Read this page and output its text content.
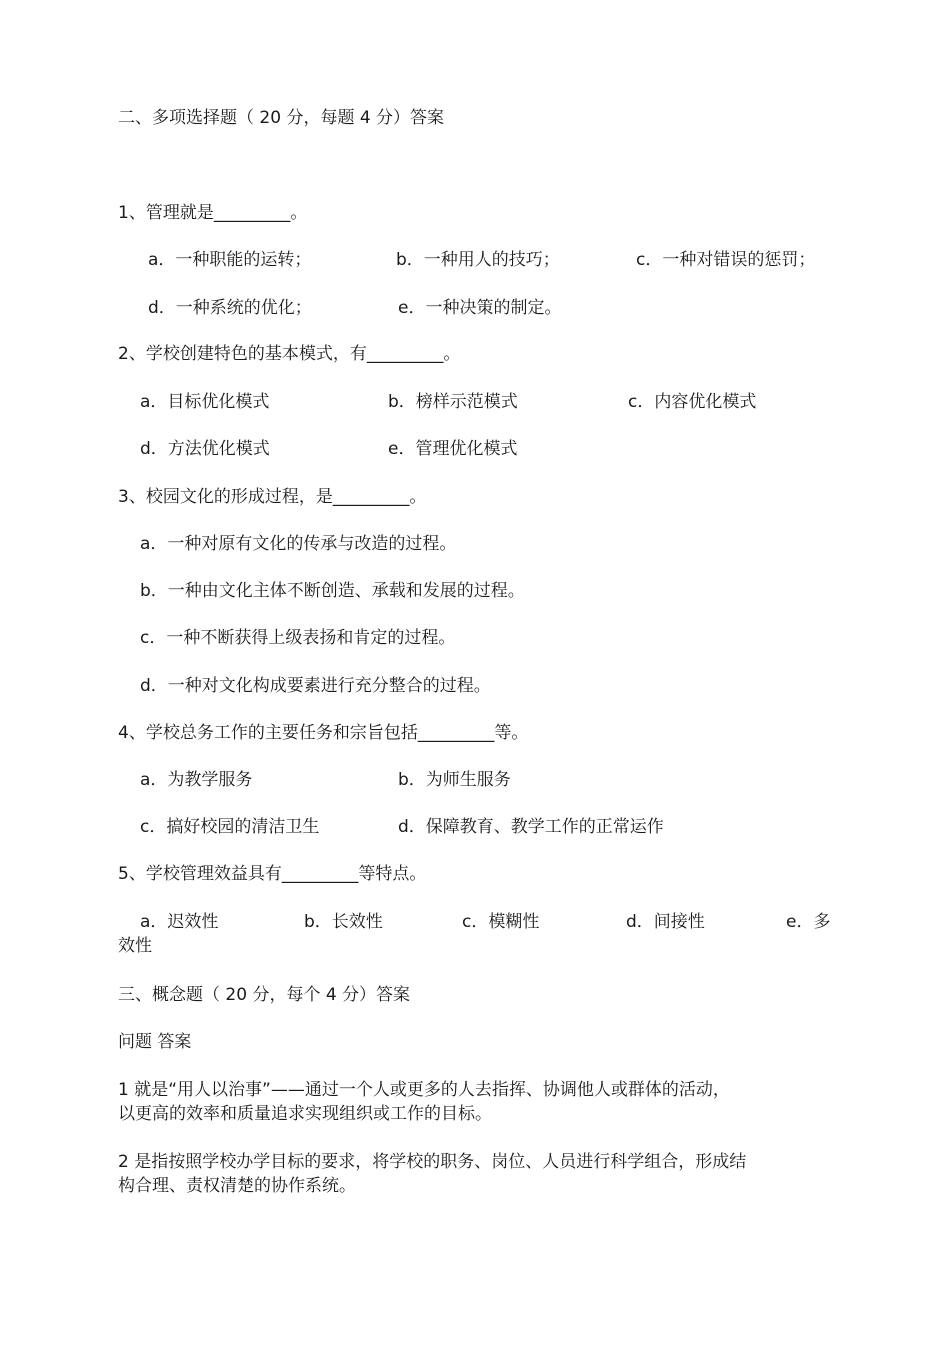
二、多项选择题（ 20 分，每题 4 分）答案
1、管理就是_________。
a．一种职能的运转；	b．一种用人的技巧；	c．一种对错误的惩罚；
d．一种系统的优化；	e．一种决策的制定。
2、学校创建特色的基本模式，有_________。
a．目标优化模式	b．榜样示范模式	c．内容优化模式
d．方法优化模式	e．管理优化模式
3、校园文化的形成过程，是_________。
a．一种对原有文化的传承与改造的过程。
b．一种由文化主体不断创造、承载和发展的过程。
c．一种不断获得上级表扬和肯定的过程。
d．一种对文化构成要素进行充分整合的过程。
4、学校总务工作的主要任务和宗旨包括_________等。
a．为教学服务	b．为师生服务
c．搞好校园的清洁卫生	d．保障教育、教学工作的正常运作
5、学校管理效益具有_________等特点。
a．迟效性	b．长效性	c．模糊性	d．间接性	e．多
效性
三、概念题（ 20 分，每个 4 分）答案
问题 答案
1 就是“用人以治事”——通过一个人或更多的人去指挥、协调他人或群体的活动，
以更高的效率和质量追求实现组织或工作的目标。
2 是指按照学校办学目标的要求，将学校的职务、岗位、人员进行科学组合，形成结
构合理、责权清楚的协作系统。
